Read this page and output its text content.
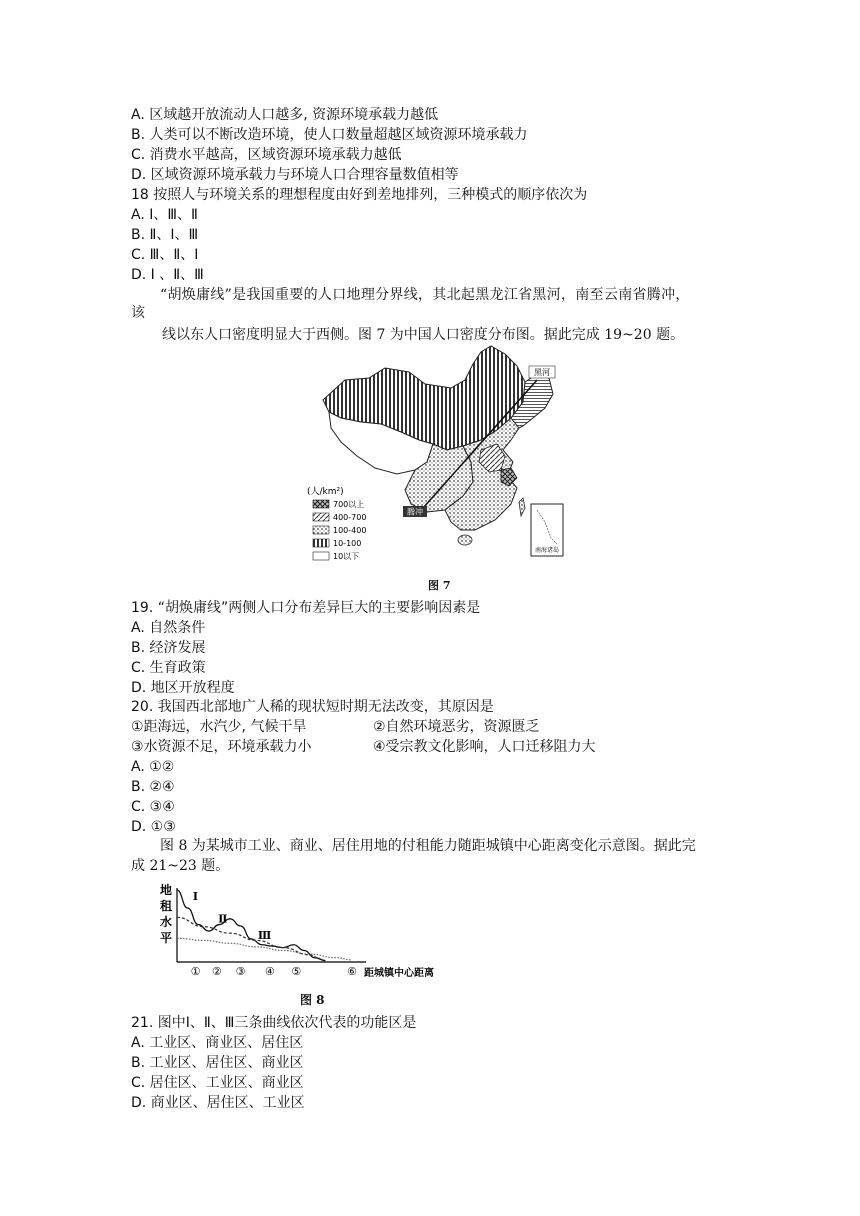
A. 区域越开放流动人口越多, 资源环境承载力越低
B. 人类可以不断改造环境，使人口数量超越区域资源环境承载力
C. 消费水平越高，区域资源环境承载力越低
D. 区域资源环境承载力与环境人口合理容量数值相等
18 按照人与环境关系的理想程度由好到差地排列，三种模式的顺序依次为
A. Ⅰ、Ⅲ、Ⅱ
B. Ⅱ、Ⅰ、Ⅲ
C. Ⅲ、Ⅱ、Ⅰ
D. Ⅰ 、Ⅱ、Ⅲ
“胡焕庸线”是我国重要的人口地理分界线，其北起黑龙江省黑河，南至云南省腾冲，
该
线以东人口密度明显大于西侧。图 7 为中国人口密度分布图。据此完成 19~20 题。
黑河
腾冲
南海诸岛
(人/km²)
700以上
400-700
100-400
10-100
10以下
图 7
19. “胡焕庸线”两侧人口分布差异巨大的主要影响因素是
A. 自然条件
B. 经济发展
C. 生育政策
D. 地区开放程度
20. 我国西北部地广人稀的现状短时期无法改变，其原因是
①距海远，水汽少, 气候干旱	②自然环境恶劣，资源匮乏
③水资源不足，环境承载力小	④受宗教文化影响，人口迁移阻力大
A. ①②
B. ②④
C. ③④
D. ①③
图 8 为某城市工业、商业、居住用地的付租能力随距城镇中心距离变化示意图。据此完
成 21~23 题。
地
租
水
平
① ② ③ ④ ⑤	⑥
Ⅰ
Ⅱ
Ⅲ
距城镇中心距离
图 8
21. 图中Ⅰ、Ⅱ、Ⅲ三条曲线依次代表的功能区是
A. 工业区、商业区、居住区
B. 工业区、居住区、商业区
C. 居住区、工业区、商业区
D. 商业区、居住区、工业区
